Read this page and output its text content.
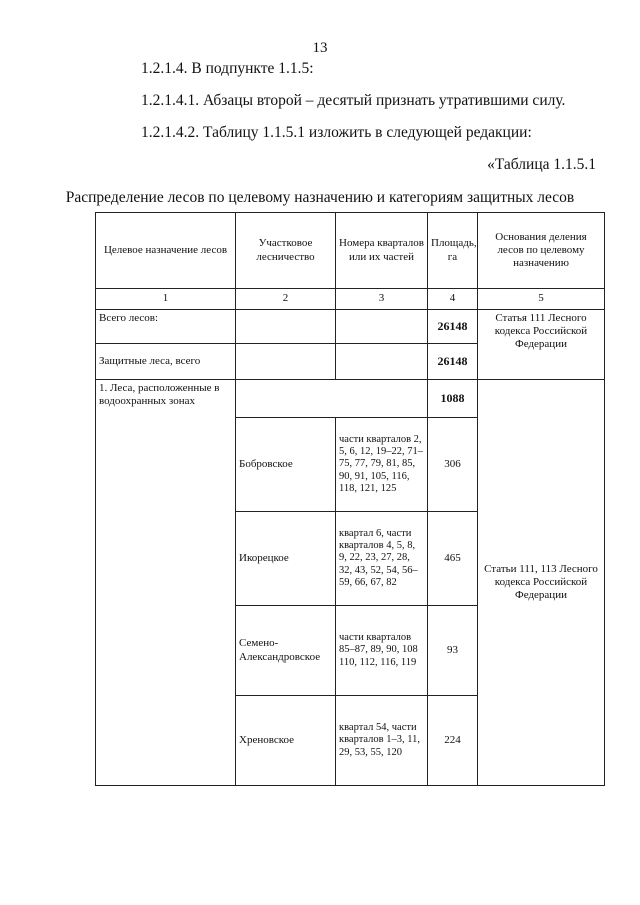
13
1.2.1.4. В подпункте 1.1.5:
1.2.1.4.1. Абзацы второй – десятый признать утратившими силу.
1.2.1.4.2. Таблицу 1.1.5.1 изложить в следующей редакции:
«Таблица 1.1.5.1
Распределение лесов по целевому назначению и категориям защитных лесов
Целевое назначение лесов	Участковое лесничество	Номера кварталов или их частей	Площадь, га	Основания деления лесов по целевому назначению
1	2	3	4	5
Всего лесов:			26148	Статья 111 Лесного кодекса Российской Федерации
Защитные леса, всего			26148	
1. Леса, расположенные в водоохранных зонах			1088	Статьи 111, 113 Лесного кодекса Российской Федерации
	Бобровское	части кварталов 2, 5, 6, 12, 19–22, 71–75, 77, 79, 81, 85, 90, 91, 105, 116, 118, 121, 125	306	
	Икорецкое	квартал 6, части кварталов 4, 5, 8, 9, 22, 23, 27, 28, 32, 43, 52, 54, 56–59, 66, 67, 82	465	
	Семено-Александровское	части кварталов 85–87, 89, 90, 108 110, 112, 116, 119	93	
	Хреновское	квартал 54, части кварталов 1–3, 11, 29, 53, 55, 120	224	
